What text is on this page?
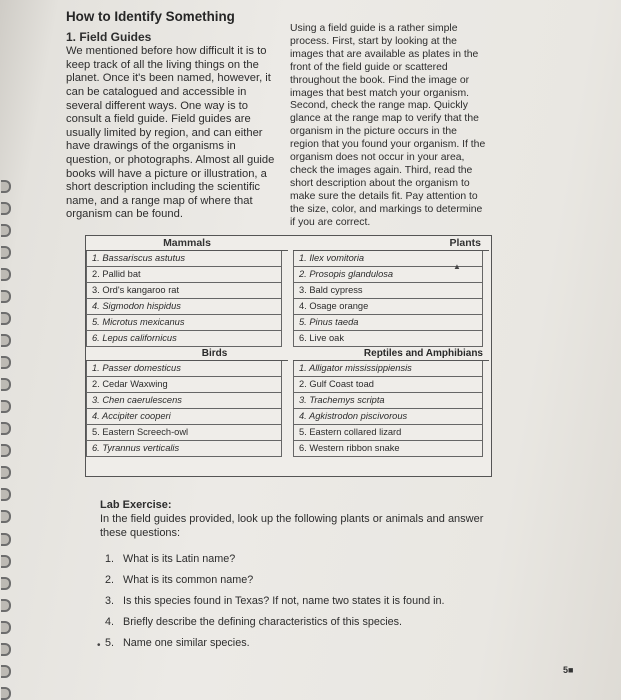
How to Identify Something
1. Field Guides
We mentioned before how difficult it is to keep track of all the living things on the planet. Once it's been named, however, it can be catalogued and accessible in several different ways. One way is to consult a field guide. Field guides are usually limited by region, and can either have drawings of the organisms in question, or photographs. Almost all guide books will have a picture or illustration, a short description including the scientific name, and a range map of where that organism can be found.
Using a field guide is a rather simple process. First, start by looking at the images that are available as plates in the front of the field guide or scattered throughout the book. Find the image or images that best match your organism. Second, check the range map. Quickly glance at the range map to verify that the organism in the picture occurs in the region that you found your organism. If the organism does not occur in your area, check the images again. Third, read the short description about the organism to make sure the details fit. Pay attention to the size, color, and markings to determine if you are correct.
Mammals
1. Bassariscus astutus
2. Pallid bat
3. Ord's kangaroo rat
4. Sigmodon hispidus
5. Microtus mexicanus
6. Lepus californicus
Birds
1. Passer domesticus
2. Cedar Waxwing
3. Chen caerulescens
4. Accipiter cooperi
5. Eastern Screech-owl
6. Tyrannus verticalis
Plants
1. Ilex vomitoria
2. Prosopis glandulosa
3. Bald cypress
4. Osage orange
5. Pinus taeda
6. Live oak
Reptiles and Amphibians
1. Alligator mississippiensis
2. Gulf Coast toad
3. Trachemys scripta
4. Agkistrodon piscivorous
5. Eastern collared lizard
6. Western ribbon snake
▲
Lab Exercise:
In the field guides provided, look up the following plants or animals and answer these questions:
1. What is its Latin name?
2. What is its common name?
3. Is this species found in Texas? If not, name two states it is found in.
4. Briefly describe the defining characteristics of this species.
5. Name one similar species.
•
5■
